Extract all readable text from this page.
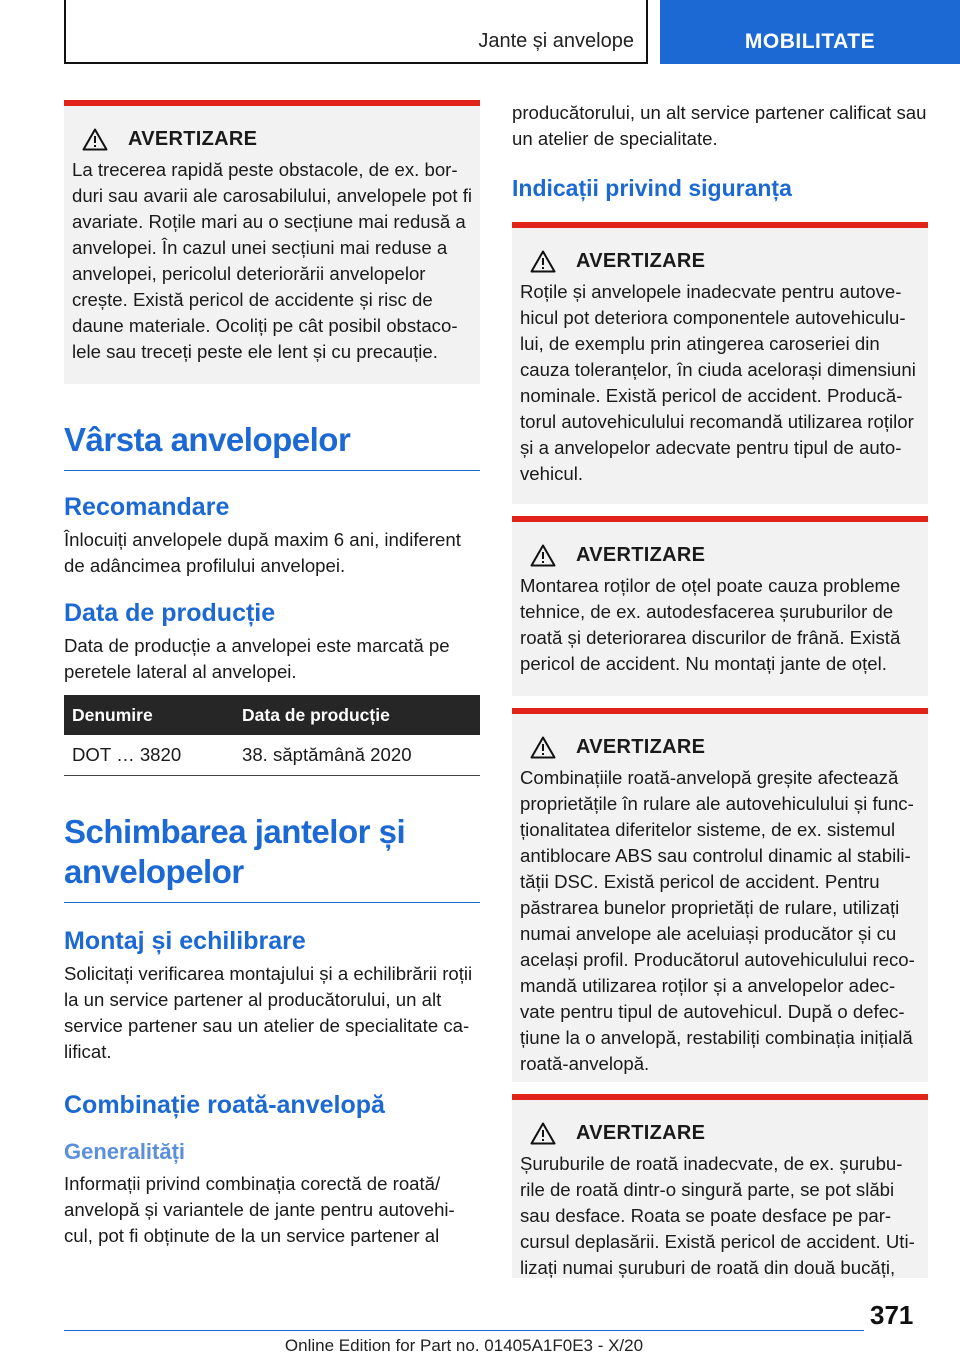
Jante și anvelope	MOBILITATE
AVERTIZARE

La trecerea rapidă peste obstacole, de ex. bor-duri sau avarii ale carosabilului, anvelopele pot fi avariate. Roțile mari au o secțiune mai redusă a anvelopei. În cazul unei secțiuni mai reduse a anvelopei, pericolul deteriorării anvelopelor crește. Există pericol de accidente și risc de daune materiale. Ocoliți pe cât posibil obstaco-lele sau treceți peste ele lent și cu precauție.

Vârsta anvelopelor
Recomandare

Înlocuiți anvelopele după maxim 6 ani, indiferent de adâncimea profilului anvelopei.

Data de producție

Data de producție a anvelopei este marcată pe peretele lateral al anvelopei.

Denumire	Data de producție
DOT … 3820	38. săptămână 2020
Schimbarea jantelor și anvelopelor
Montaj și echilibrare

Solicitați verificarea montajului și a echilibrării roții la un service partener al producătorului, un alt service partener sau un atelier de specialitate ca-lificat.

Combinație roată-anvelopă
Generalități

Informații privind combinația corectă de roată/ anvelopă și variantele de jante pentru autovehi-cul, pot fi obținute de la un service partener al

producătorului, un alt service partener calificat sau un atelier de specialitate.

Indicații privind siguranța
AVERTIZARE

Roțile și anvelopele inadecvate pentru autove-hicul pot deteriora componentele autovehiculu-lui, de exemplu prin atingerea caroseriei din cauza toleranțelor, în ciuda acelorași dimensiuni nominale. Există pericol de accident. Producă-torul autovehiculului recomandă utilizarea roților și a anvelopelor adecvate pentru tipul de auto-vehicul.

AVERTIZARE

Montarea roților de oțel poate cauza probleme tehnice, de ex. autodesfacerea șuruburilor de roată și deteriorarea discurilor de frână. Există pericol de accident. Nu montați jante de oțel.

AVERTIZARE

Combinațiile roată-anvelopă greșite afectează proprietățile în rulare ale autovehiculului și func-ționalitatea diferitelor sisteme, de ex. sistemul antiblocare ABS sau controlul dinamic al stabili-tății DSC. Există pericol de accident. Pentru păstrarea bunelor proprietăți de rulare, utilizați numai anvelope ale aceluiași producător și cu același profil. Producătorul autovehiculului reco-mandă utilizarea roților și a anvelopelor adec-vate pentru tipul de autovehicul. După o defec-țiune la o anvelopă, restabiliți combinația inițială roată-anvelopă.

AVERTIZARE

Șuruburile de roată inadecvate, de ex. șurubu-rile de roată dintr-o singură parte, se pot slăbi sau desface. Roata se poate desface pe par-cursul deplasării. Există pericol de accident. Uti-lizați numai șuruburi de roată din două bucăți,

371
Online Edition for Part no. 01405A1F0E3 - X/20
